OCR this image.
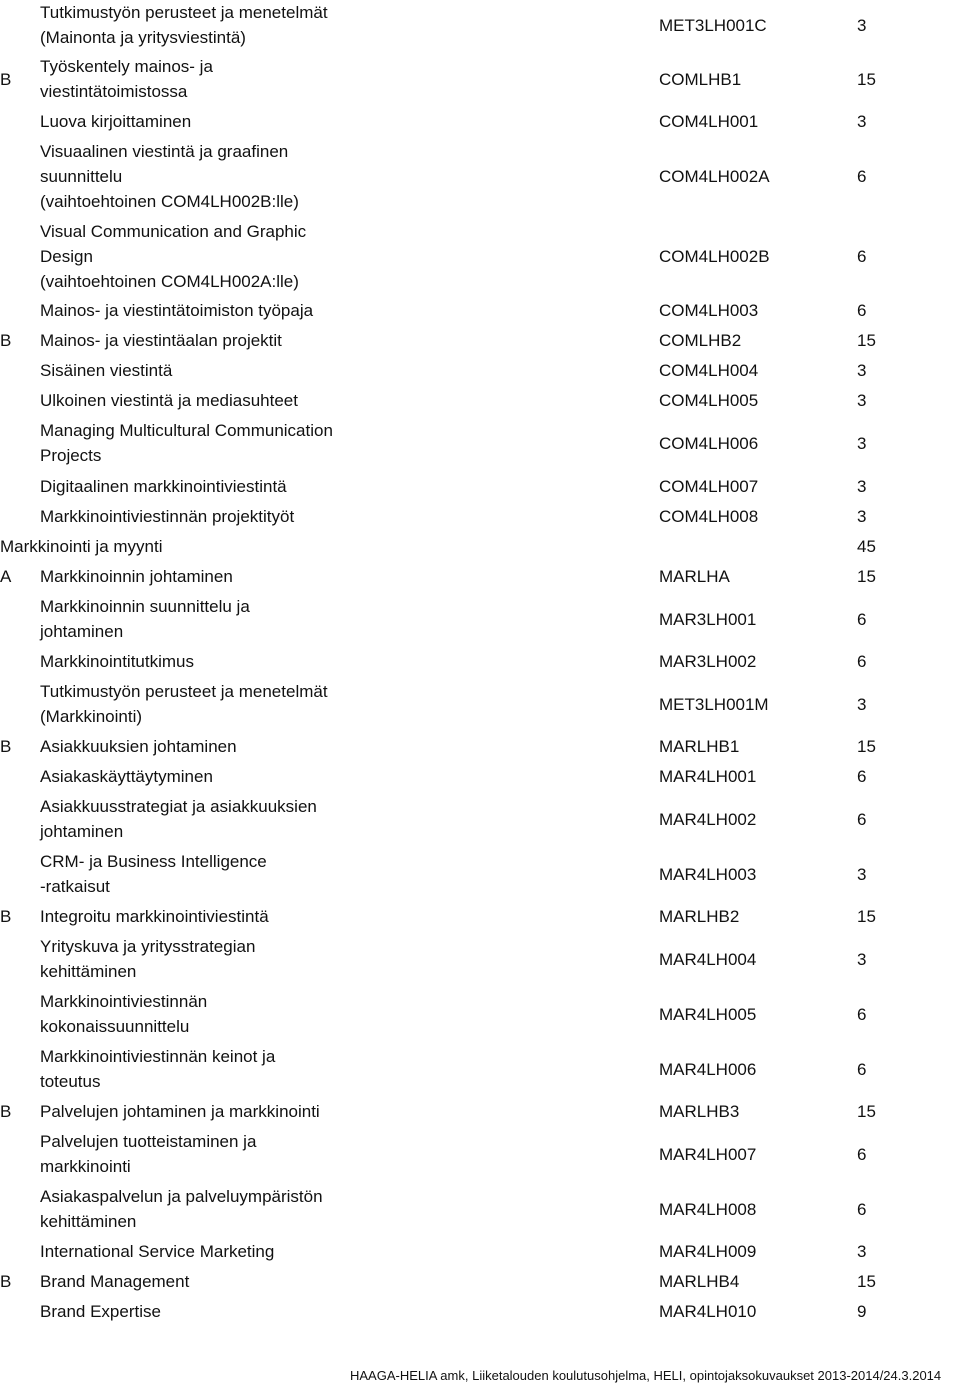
Tutkimustyön perusteet ja menetelmät
(Mainonta ja yritysviestintä)
MET3LH001C	3
B
Työskentely mainos- ja
viestintätoimistossa
COMLHB1	15
Luova kirjoittaminen	COM4LH001	3
Visuaalinen viestintä ja graafinen
suunnittelu
(vaihtoehtoinen COM4LH002B:lle)
COM4LH002A	6
Visual Communication and Graphic
Design
(vaihtoehtoinen COM4LH002A:lle)
COM4LH002B	6
Mainos- ja viestintätoimiston työpaja	COM4LH003	6
B	Mainos- ja viestintäalan projektit	COMLHB2	15
Sisäinen viestintä	COM4LH004	3
Ulkoinen viestintä ja mediasuhteet	COM4LH005	3
Managing Multicultural Communication
Projects
COM4LH006	3
Digitaalinen markkinointiviestintä	COM4LH007	3
Markkinointiviestinnän projektityöt	COM4LH008	3
Markkinointi ja myynti	45
A	Markkinoinnin johtaminen	MARLHA	15
Markkinoinnin suunnittelu ja
johtaminen
MAR3LH001	6
Markkinointitutkimus	MAR3LH002	6
Tutkimustyön perusteet ja menetelmät
(Markkinointi)
MET3LH001M	3
B	Asiakkuuksien johtaminen	MARLHB1	15
Asiakaskäyttäytyminen	MAR4LH001	6
Asiakkuusstrategiat ja asiakkuuksien
johtaminen
MAR4LH002	6
CRM- ja Business Intelligence
-ratkaisut
MAR4LH003	3
B	Integroitu markkinointiviestintä	MARLHB2	15
Yrityskuva ja yritysstrategian
kehittäminen
MAR4LH004	3
Markkinointiviestinnän
kokonaissuunnittelu
MAR4LH005	6
Markkinointiviestinnän keinot ja
toteutus
MAR4LH006	6
B	Palvelujen johtaminen ja markkinointi	MARLHB3	15
Palvelujen tuotteistaminen ja
markkinointi
MAR4LH007	6
Asiakaspalvelun ja palveluympäristön
kehittäminen
MAR4LH008	6
International Service Marketing	MAR4LH009	3
B	Brand Management	MARLHB4	15
Brand Expertise	MAR4LH010	9
HAAGA-HELIA amk, Liiketalouden koulutusohjelma, HELI, opintojaksokuvaukset 2013-2014/24.3.2014
